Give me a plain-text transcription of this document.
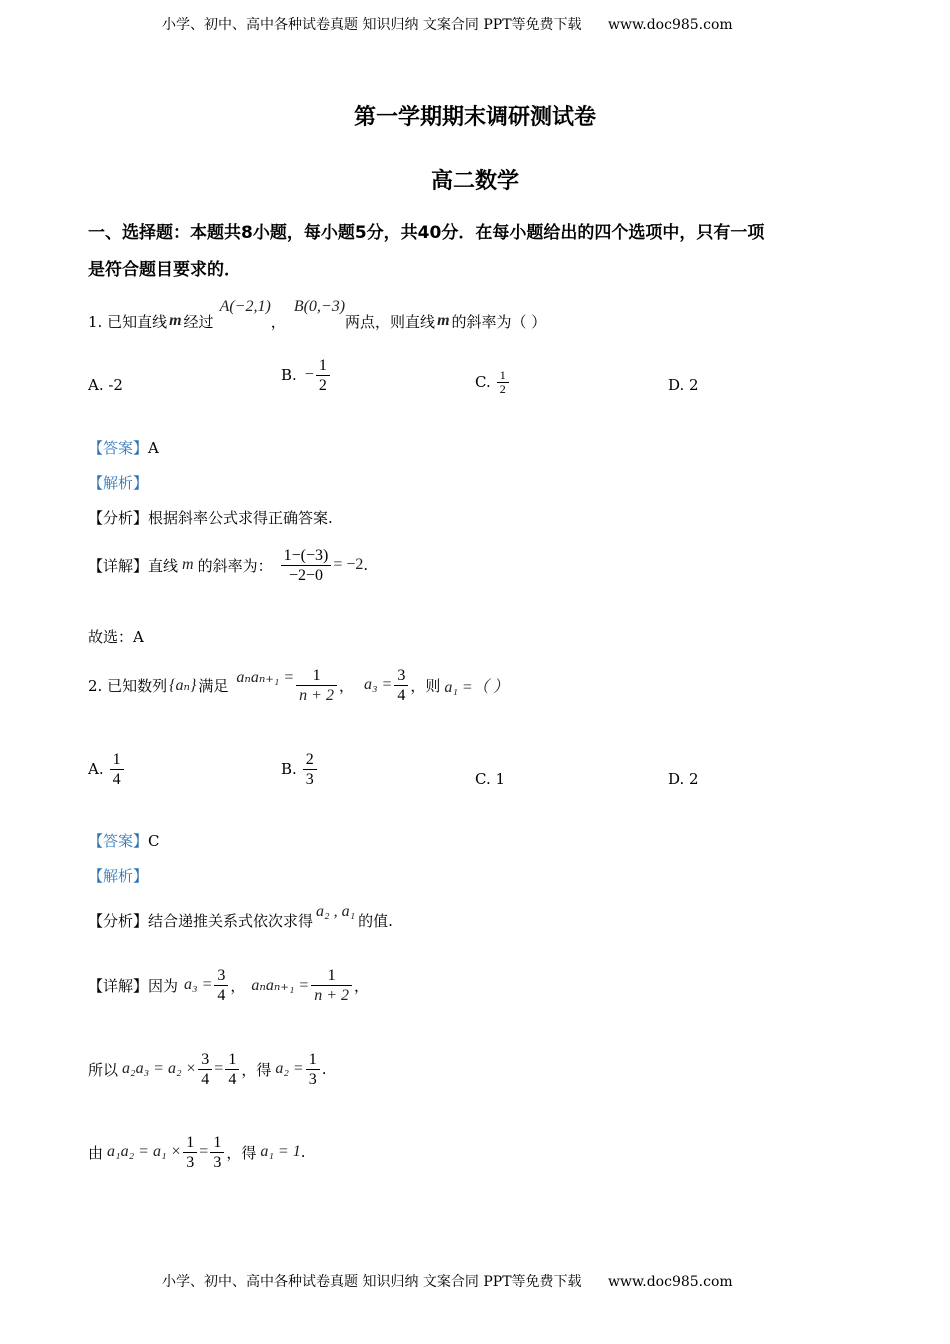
小学、初中、高中各种试卷真题 知识归纳 文案合同 PPT等免费下载 www.doc985.com
第一学期期末调研测试卷
高二数学
一、选择题：本题共8小题，每小题5分，共40分．在每小题给出的四个选项中，只有一项
是符合题目要求的．
1. 已知直线 m 经过
A(−2,1)
，
B(0,−3)
两点，则直线 m 的斜率为（ ）
A. -2
B. − $\frac{1}{2}$	C. $\frac{1}{2}$	D. 2
【答案】A
【解析】
【分析】根据斜率公式求得正确答案.
【详解】 直线 m 的斜率为： $\frac{1-(-3)}{-2-0} = -2$ .
故选：A
2. 已知数列 {aₙ} 满足 $a_na_{n+1} = \frac{1}{n + 2}$ ， $a_3 = \frac{3}{4}$ ，则 a₁ =（ ）
A. $\frac{1}{4}$	B. $\frac{2}{3}$	C. 1	D. 2
【答案】C
【解析】
【分析】 结合递推关系式依次求得 a₂ , a₁ 的值.
【详解】 因为 $a_3 = \frac{3}{4}$ ， $a_na_{n+1} = \frac{1}{n + 2}$ ，
所以 $a_2a_3 = a_2 \times \frac{3}{4} = \frac{1}{4}$ ，得 $a_2 = \frac{1}{3}$ .
由 $a_1a_2 = a_1 \times \frac{1}{3} = \frac{1}{3}$ ，得 a₁ = 1 .
小学、初中、高中各种试卷真题 知识归纳 文案合同 PPT等免费下载 www.doc985.com
